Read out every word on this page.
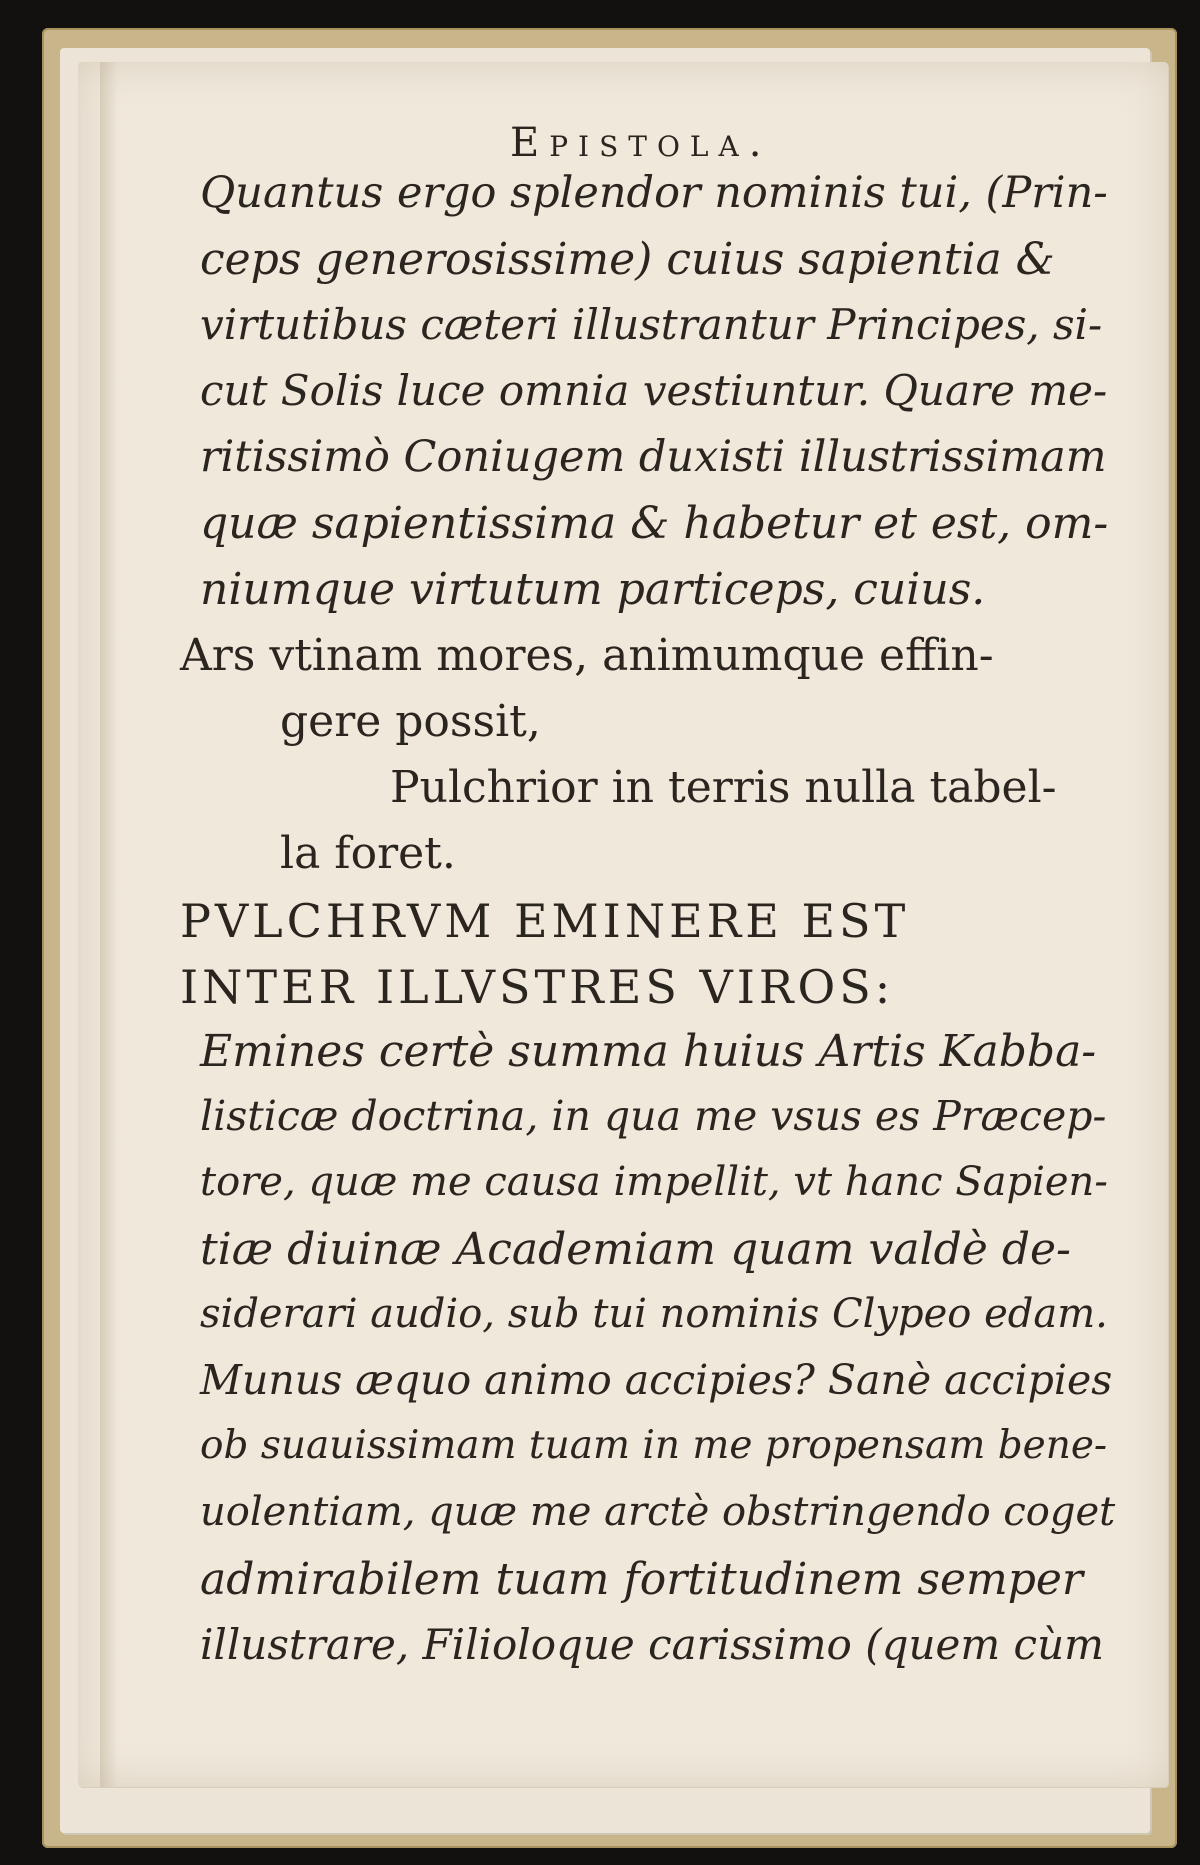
Epistola.
Quantus ergo splendor nominis tui, (Prin-
ceps generosissime) cuius sapientia &
virtutibus cæteri illustrantur Principes, si-
cut Solis luce omnia vestiuntur. Quare me-
ritissimò Coniugem duxisti illustrissimam
quæ sapientissima & habetur et est, om-
niumque virtutum particeps, cuius.
Ars vtinam mores, animumque effin-
gere possit,
Pulchrior in terris nulla tabel-
la foret.
PVLCHRVM EMINERE EST
INTER ILLVSTRES VIROS:
Emines certè summa huius Artis Kabba-
listicæ doctrina, in qua me vsus es Præcep-
tore, quæ me causa impellit, vt hanc Sapien-
tiæ diuinæ Academiam quam valdè de-
siderari audio, sub tui nominis Clypeo edam.
Munus æquo animo accipies? Sanè accipies
ob suauissimam tuam in me propensam bene-
uolentiam, quæ me arctè obstringendo coget
admirabilem tuam fortitudinem semper
illustrare, Filioloque carissimo (quem cùm
